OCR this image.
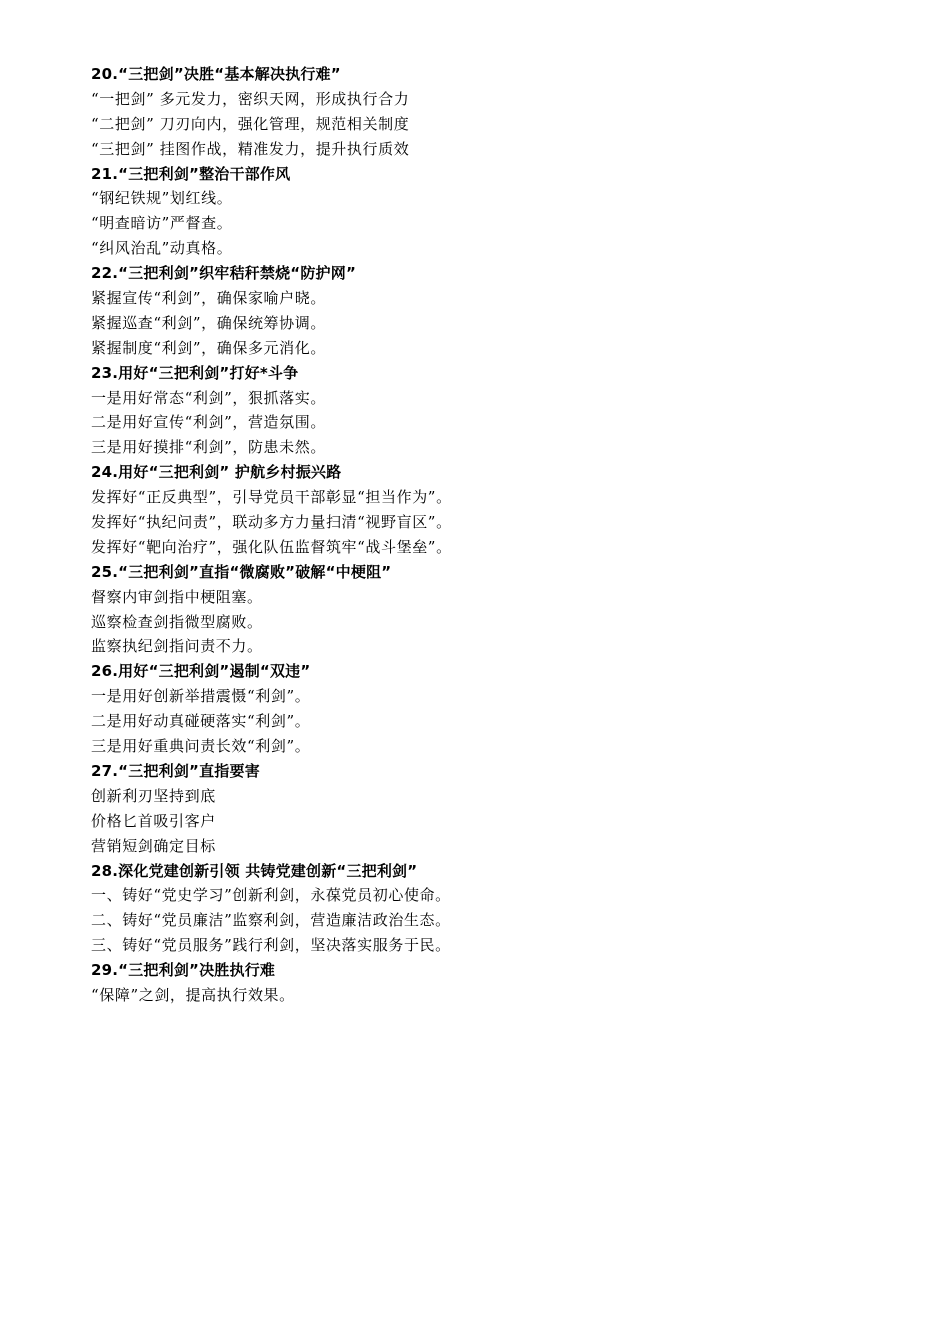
20.“三把剑”决胜“基本解决执行难”
“一把剑” 多元发力，密织天网，形成执行合力
“二把剑” 刀刃向内，强化管理，规范相关制度
“三把剑” 挂图作战，精准发力，提升执行质效
21.“三把利剑”整治干部作风
“钢纪铁规”划红线。
“明查暗访”严督查。
“纠风治乱”动真格。
22.“三把利剑”织牢秸秆禁烧“防护网”
紧握宣传“利剑”，确保家喻户晓。
紧握巡查“利剑”，确保统筹协调。
紧握制度“利剑”，确保多元消化。
23.用好“三把利剑”打好*斗争
一是用好常态“利剑”，狠抓落实。
二是用好宣传“利剑”，营造氛围。
三是用好摸排“利剑”，防患未然。
24.用好“三把利剑” 护航乡村振兴路
发挥好“正反典型”，引导党员干部彰显“担当作为”。
发挥好“执纪问责”，联动多方力量扫清“视野盲区”。
发挥好“靶向治疗”，强化队伍监督筑牢“战斗堡垒”。
25.“三把利剑”直指“微腐败”破解“中梗阻”
督察内审剑指中梗阻塞。
巡察检查剑指微型腐败。
监察执纪剑指问责不力。
26.用好“三把利剑”遏制“双违”
一是用好创新举措震慑“利剑”。
二是用好动真碰硬落实“利剑”。
三是用好重典问责长效“利剑”。
27.“三把利剑”直指要害
创新利刃坚持到底
价格匕首吸引客户
营销短剑确定目标
28.深化党建创新引领 共铸党建创新“三把利剑”
一、铸好“党史学习”创新利剑，永葆党员初心使命。
二、铸好“党员廉洁”监察利剑，营造廉洁政治生态。
三、铸好“党员服务”践行利剑，坚决落实服务于民。
29.“三把利剑”决胜执行难
“保障”之剑，提高执行效果。
